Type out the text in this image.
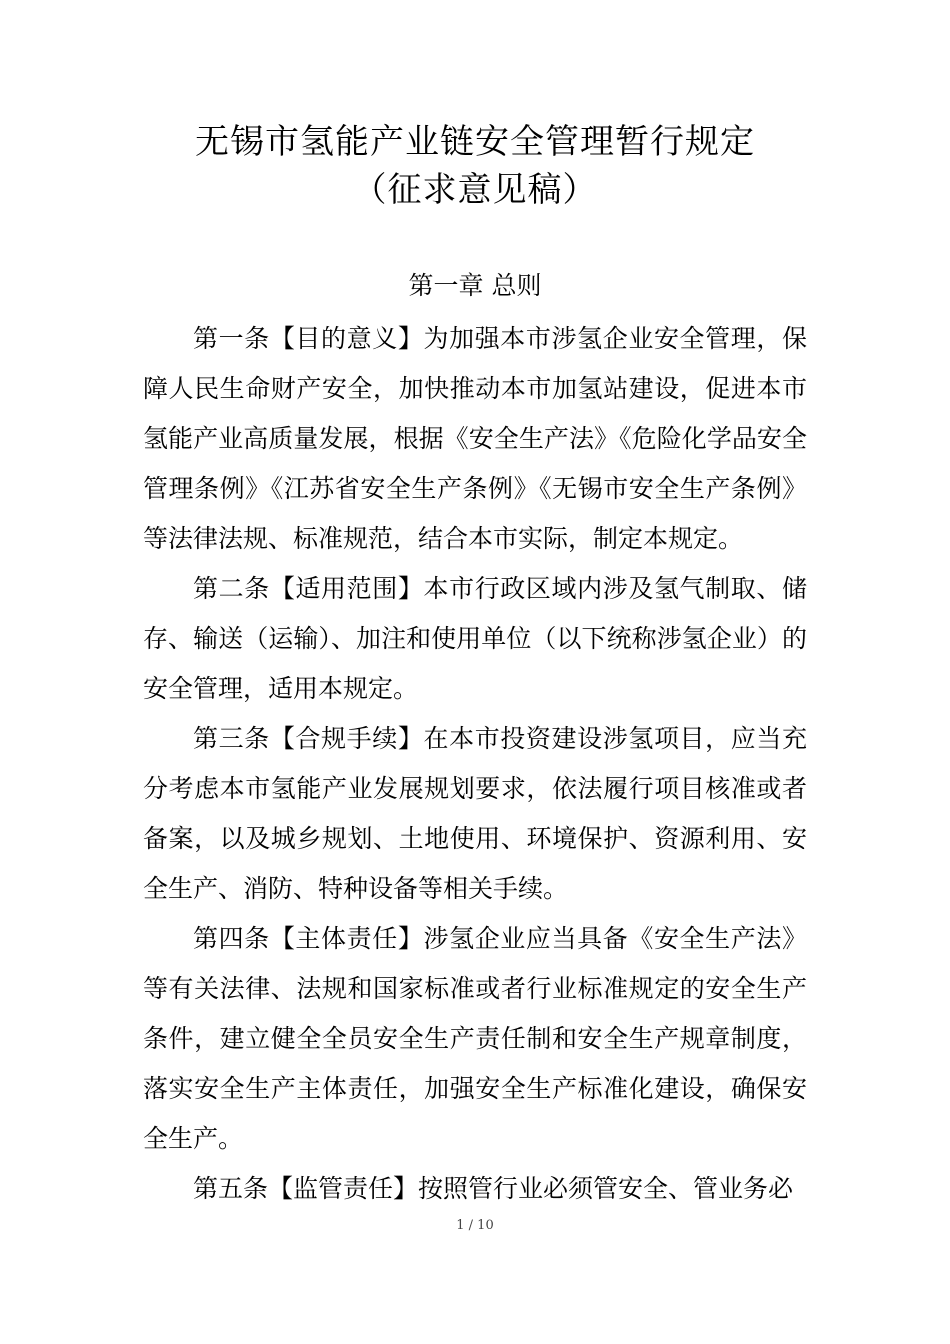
无锡市氢能产业链安全管理暂行规定
（征求意见稿）
第一章 总则

第一条【目的意义】为加强本市涉氢企业安全管理，保障人民生命财产安全，加快推动本市加氢站建设，促进本市氢能产业高质量发展，根据《安全生产法》《危险化学品安全管理条例》《江苏省安全生产条例》《无锡市安全生产条例》等法律法规、标准规范，结合本市实际，制定本规定。

第二条【适用范围】本市行政区域内涉及氢气制取、储存、输送（运输）、加注和使用单位（以下统称涉氢企业）的安全管理，适用本规定。

第三条【合规手续】在本市投资建设涉氢项目，应当充分考虑本市氢能产业发展规划要求，依法履行项目核准或者备案，以及城乡规划、土地使用、环境保护、资源利用、安全生产、消防、特种设备等相关手续。

第四条【主体责任】涉氢企业应当具备《安全生产法》等有关法律、法规和国家标准或者行业标准规定的安全生产条件，建立健全全员安全生产责任制和安全生产规章制度，落实安全生产主体责任，加强安全生产标准化建设，确保安全生产。

第五条【监管责任】按照管行业必须管安全、管业务必

1 / 10
